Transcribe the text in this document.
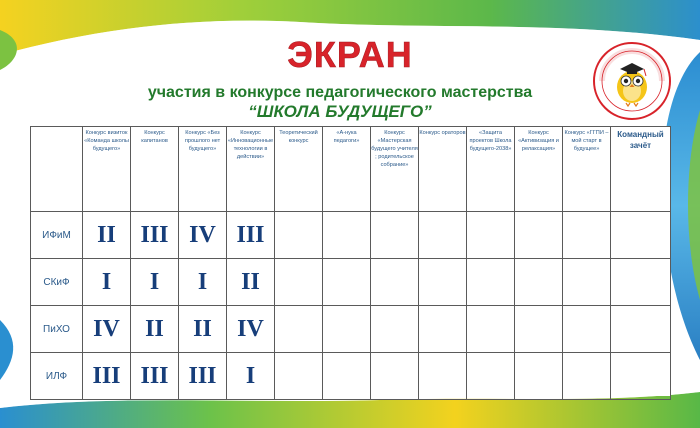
ЭКРАН
участия в конкурсе педагогического мастерства
“ШКОЛА БУДУЩЕГО”
	Конкурс визиток «Команда школы будущего»	Конкурс капитанов	Конкурс «Без прошлого нет будущего»	Конкурс «Инновационные технологии в действии»	Теоретический конкурс	«А-нука педагоги»	Конкурс «Мастерская будущего учителя ; родительское собрание»	Конкурс ораторов	«Защита проектов Школа будущего-2038»	Конкурс «Активизация и релаксация»	Конкурс «ГГПИ – мой старт в будущее»	Командный зачёт
ИФиМ	II	III	IV	III								
СКиФ	I	I	I	II								
ПиХО	IV	II	II	IV								
ИЛФ	III	III	III	I								
